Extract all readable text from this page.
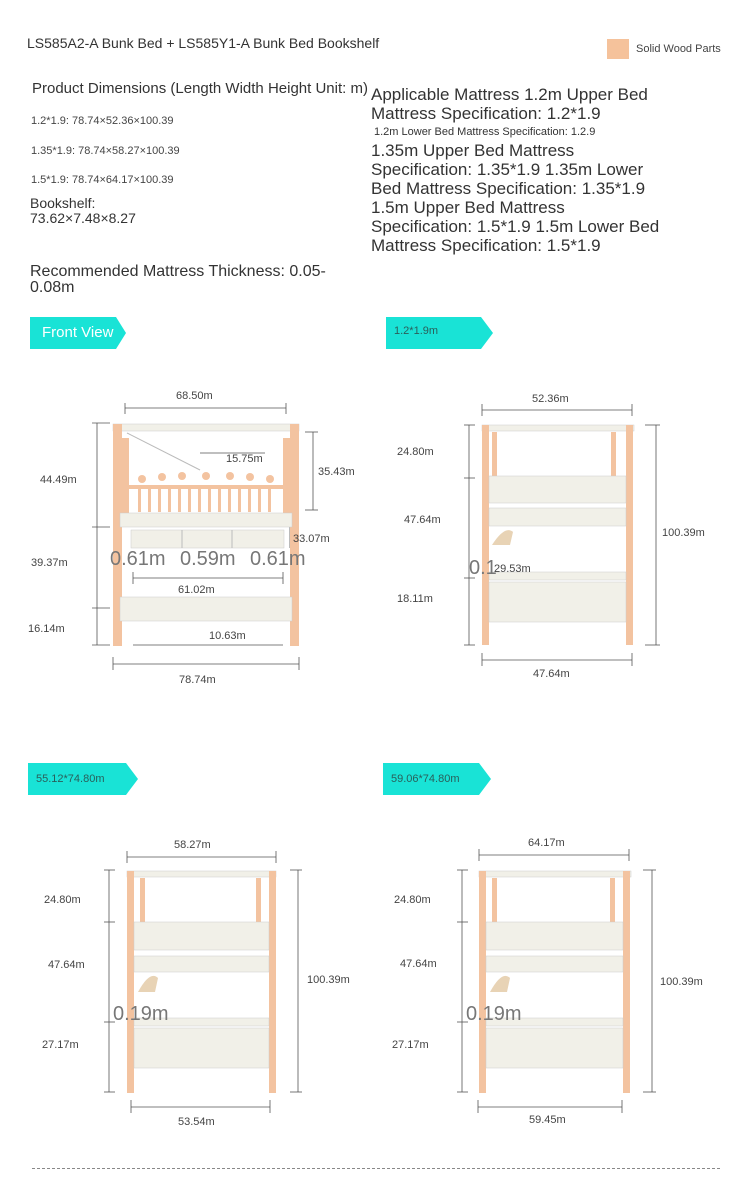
LS585A2-A Bunk Bed + LS585Y1-A Bunk Bed Bookshelf	Solid Wood Parts
Product Dimensions (Length Width Height Unit: m)
1.2*1.9: 78.74×52.36×100.39
1.35*1.9: 78.74×58.27×100.39
1.5*1.9: 78.74×64.17×100.39
Bookshelf: 73.62×7.48×8.27
Recommended Mattress Thickness: 0.05-0.08m
Applicable Mattress 1.2m Upper Bed Mattress Specification: 1.2*1.9
1.2m Lower Bed Mattress Specification: 1.2.9
1.35m Upper Bed Mattress Specification: 1.35*1.9 1.35m Lower Bed Mattress Specification: 1.35*1.9 1.5m Upper Bed Mattress Specification: 1.5*1.9 1.5m Lower Bed Mattress Specification: 1.5*1.9
Front View	1.2*1.9m
55.12*74.80m	59.06*74.80m
68.50m
44.49m
39.37m
16.14m
35.43m
33.07m
15.75m
0.61m 0.59m 0.61m
61.02m
10.63m
78.74m
52.36m
24.80m
47.64m
18.11m
100.39m
47.64m
0.1
29.53m
58.27m
24.80m
47.64m
27.17m
100.39m
53.54m
0.19m
64.17m
24.80m
47.64m
27.17m
100.39m
59.45m
0.19m
